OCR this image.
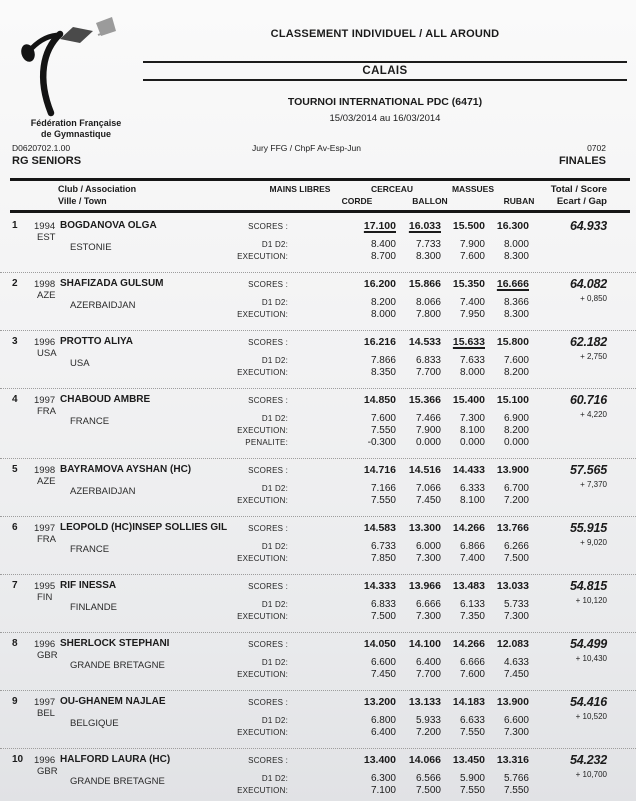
Fédération Française
de Gymnastique
CLASSEMENT INDIVIDUEL / ALL AROUND
CALAIS
TOURNOI INTERNATIONAL PDC (6471)
15/03/2014 au 16/03/2014
D0620702.1.00	Jury FFG / ChpF Av-Esp-Jun	0702
RG SENIORS	FINALES
Club / Association
Ville / Town
MAINS LIBRES	CERCEAU	MASSUES
CORDE	BALLON	RUBAN
Total / Score
Ecart / Gap
1 1994 BOGDANOVA OLGA
EST
ESTONIE
SCORES :	17.100	16.033	15.500	16.300	64.933
D1 D2:	8.400	7.733	7.900	8.000
EXECUTION:	8.700	8.300	7.600	8.300
2 1998 SHAFIZADA GULSUM
AZE
AZERBAIDJAN
SCORES :	16.200	15.866	15.350	16.666	64.082
+ 0,850
D1 D2:	8.200	8.066	7.400	8.366
EXECUTION:	8.000	7.800	7.950	8.300
3 1996 PROTTO ALIYA
USA
USA
SCORES :	16.216	14.533	15.633	15.800	62.182
+ 2,750
D1 D2:	7.866	6.833	7.633	7.600
EXECUTION:	8.350	7.700	8.000	8.200
4 1997 CHABOUD AMBRE
FRA
FRANCE
SCORES :	14.850	15.366	15.400	15.100	60.716
+ 4,220
D1 D2:	7.600	7.466	7.300	6.900
EXECUTION:	7.550	7.900	8.100	8.200
PENALITE:	-0.300	0.000	0.000	0.000
5 1998 BAYRAMOVA AYSHAN (HC)
AZE
AZERBAIDJAN
SCORES :	14.716	14.516	14.433	13.900	57.565
+ 7,370
D1 D2:	7.166	7.066	6.333	6.700
EXECUTION:	7.550	7.450	8.100	7.200
6 1997 LEOPOLD (HC)INSEP SOLLIES GIL
FRA
FRANCE
SCORES :	14.583	13.300	14.266	13.766	55.915
+ 9,020
D1 D2:	6.733	6.000	6.866	6.266
EXECUTION:	7.850	7.300	7.400	7.500
7 1995 RIF INESSA
FIN
FINLANDE
SCORES :	14.333	13.966	13.483	13.033	54.815
+ 10,120
D1 D2:	6.833	6.666	6.133	5.733
EXECUTION:	7.500	7.300	7.350	7.300
8 1996 SHERLOCK STEPHANI
GBR
GRANDE BRETAGNE
SCORES :	14.050	14.100	14.266	12.083	54.499
+ 10,430
D1 D2:	6.600	6.400	6.666	4.633
EXECUTION:	7.450	7.700	7.600	7.450
9 1997 OU-GHANEM NAJLAE
BEL
BELGIQUE
SCORES :	13.200	13.133	14.183	13.900	54.416
+ 10,520
D1 D2:	6.800	5.933	6.633	6.600
EXECUTION:	6.400	7.200	7.550	7.300
10 1996 HALFORD LAURA (HC)
GBR
GRANDE BRETAGNE
SCORES :	13.400	14.066	13.450	13.316	54.232
+ 10,700
D1 D2:	6.300	6.566	5.900	5.766
EXECUTION:	7.100	7.500	7.550	7.550
